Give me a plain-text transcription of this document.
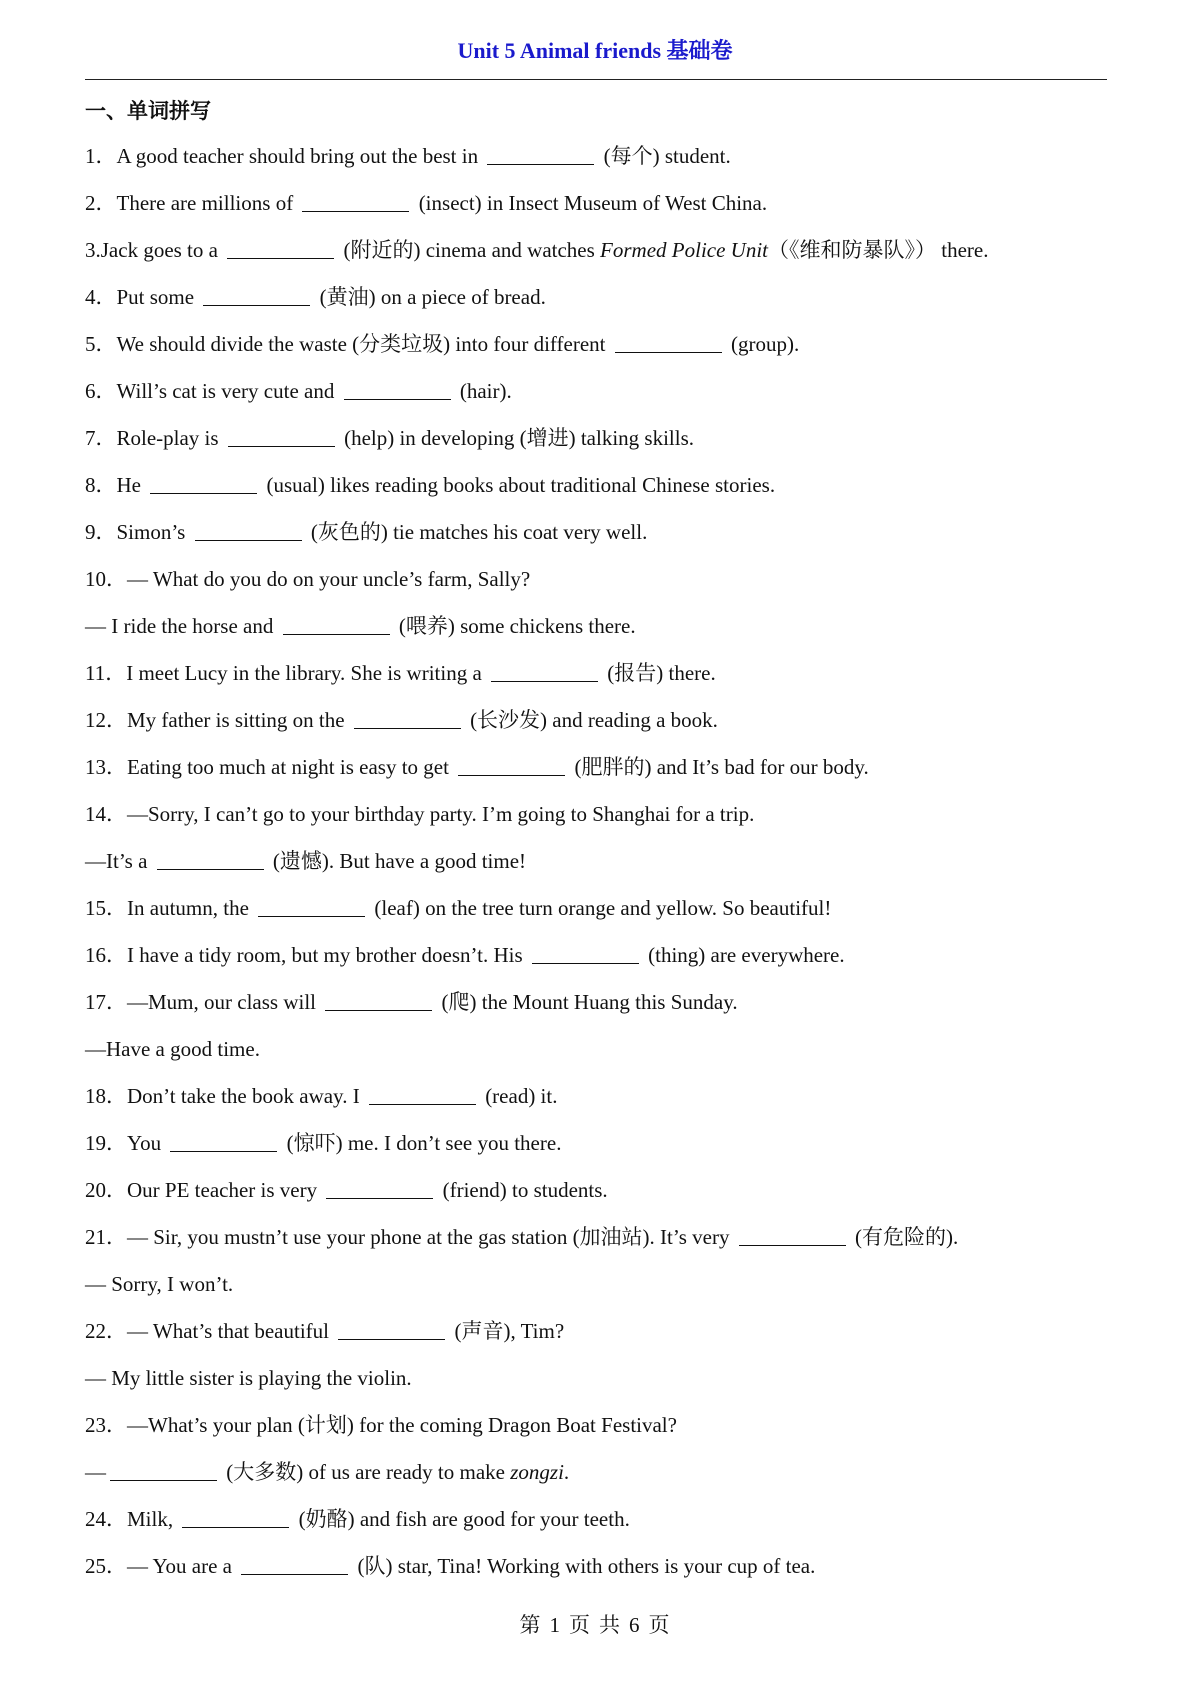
Unit 5 Animal friends 基础卷
一、单词拼写
1．A good teacher should bring out the best in	(每个) student.
2．There are millions of	(insect) in Insect Museum of West China.
3.Jack goes to a	(附近的) cinema and watches Formed Police Unit（《维和防暴队》） there.
4．Put some	(黄油) on a piece of bread.
5．We should divide the waste (分类垃圾) into four different	(group).
6．Will’s cat is very cute and	(hair).
7．Role-play is	(help) in developing (增进) talking skills.
8．He	(usual) likes reading books about traditional Chinese stories.
9．Simon’s	(灰色的) tie matches his coat very well.
10．— What do you do on your uncle’s farm, Sally?
— I ride the horse and	(喂养) some chickens there.
11．I meet Lucy in the library. She is writing a	(报告) there.
12．My father is sitting on the	(长沙发) and reading a book.
13．Eating too much at night is easy to get	(肥胖的) and It’s bad for our body.
14．—Sorry, I can’t go to your birthday party. I’m going to Shanghai for a trip.
—It’s a	(遗憾). But have a good time!
15．In autumn, the	(leaf) on the tree turn orange and yellow. So beautiful!
16．I have a tidy room, but my brother doesn’t. His	(thing) are everywhere.
17．—Mum, our class will	(爬) the Mount Huang this Sunday.
—Have a good time.
18．Don’t take the book away. I	(read) it.
19．You	(惊吓) me. I don’t see you there.
20．Our PE teacher is very	(friend) to students.
21．— Sir, you mustn’t use your phone at the gas station (加油站). It’s very	(有危险的).
— Sorry, I won’t.
22．— What’s that beautiful	(声音), Tim?
— My little sister is playing the violin.
23．—What’s your plan (计划) for the coming Dragon Boat Festival?
—	(大多数) of us are ready to make zongzi.
24．Milk,	(奶酪) and fish are good for your teeth.
25．— You are a	(队) star, Tina! Working with others is your cup of tea.
第 1 页 共 6 页
